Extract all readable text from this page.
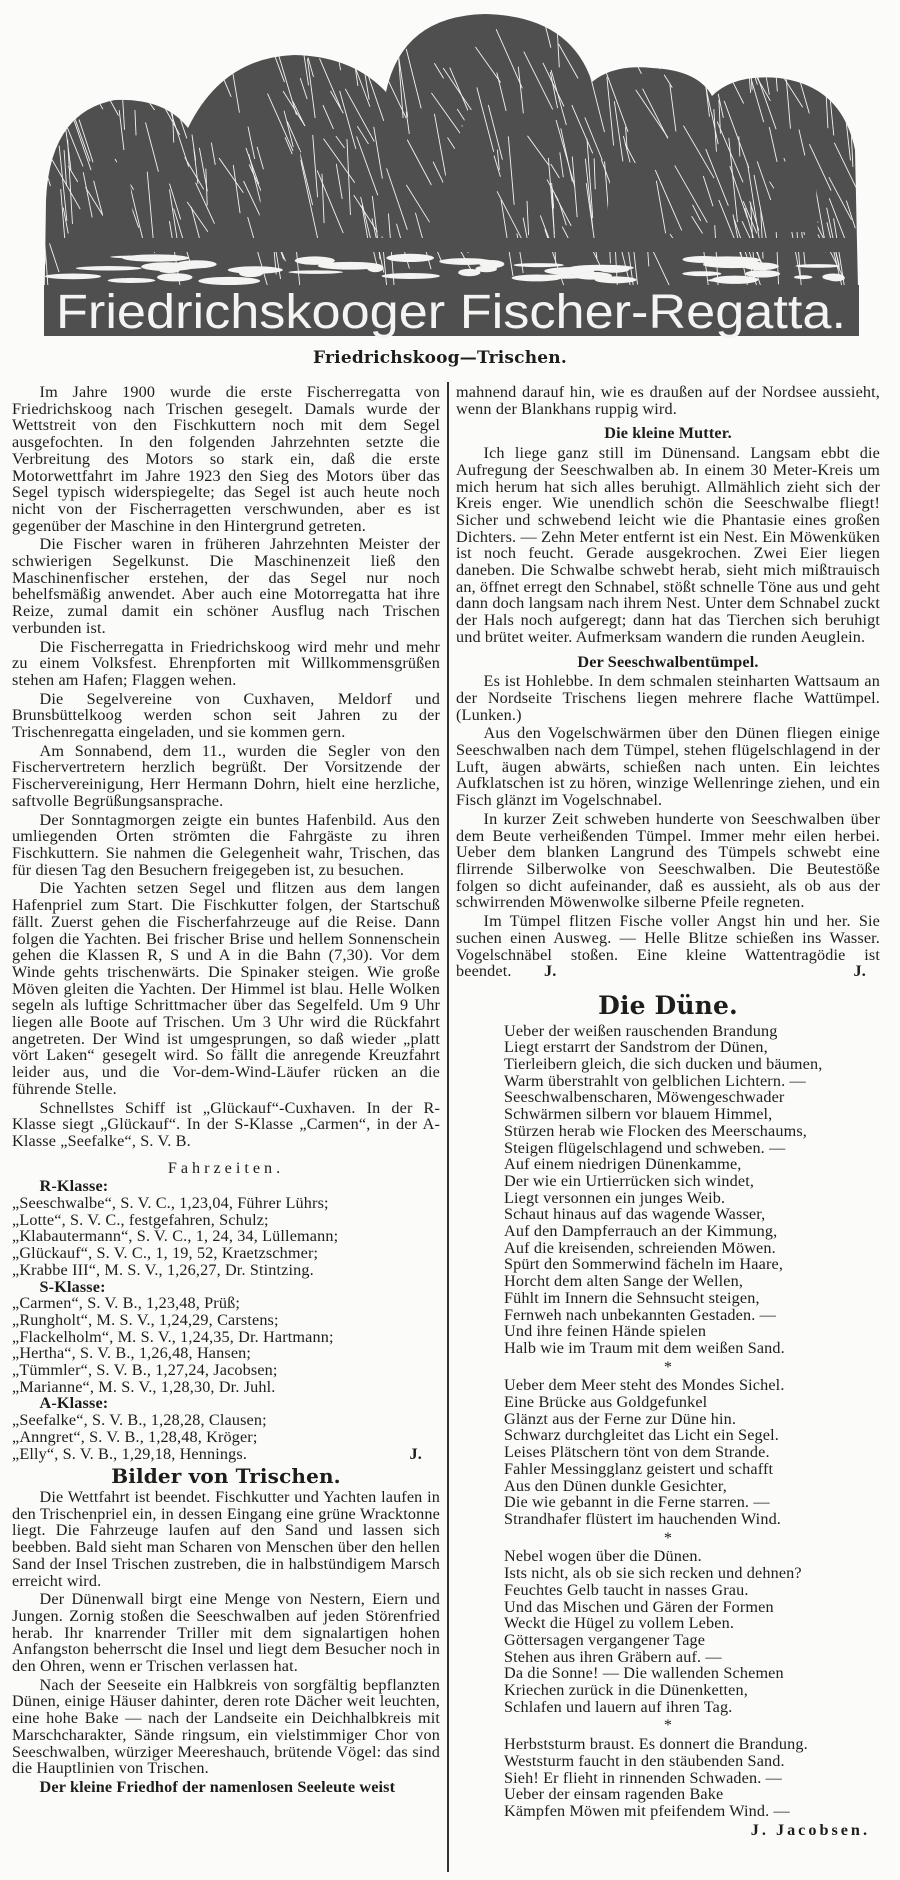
Friedrichskooger Fischer-Regatta.
Friedrichskoog—Trischen.

Im Jahre 1900 wurde die erste Fischerregatta von Friedrichskoog nach Trischen gesegelt. Damals wurde der Wettstreit von den Fischkuttern noch mit dem Segel ausgefochten. In den folgenden Jahrzehnten setzte die Verbreitung des Motors so stark ein, daß die erste Motorwettfahrt im Jahre 1923 den Sieg des Motors über das Segel typisch widerspiegelte; das Segel ist auch heute noch nicht von der Fischerragetten verschwunden, aber es ist gegenüber der Maschine in den Hintergrund getreten.

Die Fischer waren in früheren Jahrzehnten Meister der schwierigen Segelkunst. Die Maschinenzeit ließ den Maschinenfischer erstehen, der das Segel nur noch behelfsmäßig anwendet. Aber auch eine Motorregatta hat ihre Reize, zumal damit ein schöner Ausflug nach Trischen verbunden ist.

Die Fischerregatta in Friedrichskoog wird mehr und mehr zu einem Volksfest. Ehrenpforten mit Willkommensgrüßen stehen am Hafen; Flaggen wehen.

Die Segelvereine von Cuxhaven, Meldorf und Brunsbüttelkoog werden schon seit Jahren zu der Trischenregatta eingeladen, und sie kommen gern.

Am Sonnabend, dem 11., wurden die Segler von den Fischervertretern herzlich begrüßt. Der Vorsitzende der Fischervereinigung, Herr Hermann Dohrn, hielt eine herzliche, saftvolle Begrüßungsansprache.

Der Sonntagmorgen zeigte ein buntes Hafenbild. Aus den umliegenden Orten strömten die Fahrgäste zu ihren Fischkuttern. Sie nahmen die Gelegenheit wahr, Trischen, das für diesen Tag den Besuchern freigegeben ist, zu besuchen.

Die Yachten setzen Segel und flitzen aus dem langen Hafenpriel zum Start. Die Fischkutter folgen, der Startschuß fällt. Zuerst gehen die Fischerfahrzeuge auf die Reise. Dann folgen die Yachten. Bei frischer Brise und hellem Sonnenschein gehen die Klassen R, S und A in die Bahn (7,30). Vor dem Winde gehts trischenwärts. Die Spinaker steigen. Wie große Möven gleiten die Yachten. Der Himmel ist blau. Helle Wolken segeln als luftige Schrittmacher über das Segelfeld. Um 9 Uhr liegen alle Boote auf Trischen. Um 3 Uhr wird die Rückfahrt angetreten. Der Wind ist umgesprungen, so daß wieder „platt vört Laken“ gesegelt wird. So fällt die anregende Kreuzfahrt leider aus, und die Vor-dem-Wind-Läufer rücken an die führende Stelle.

Schnellstes Schiff ist „Glückauf“-Cuxhaven. In der R-Klasse siegt „Glückauf“. In der S-Klasse „Carmen“, in der A-Klasse „Seefalke“, S. V. B.

Fahrzeiten.
R-Klasse:
„Seeschwalbe“, S. V. C., 1,23,04, Führer Lührs;
„Lotte“, S. V. C., festgefahren, Schulz;
„Klabautermann“, S. V. C., 1, 24, 34, Lüllemann;
„Glückauf“, S. V. C., 1, 19, 52, Kraetzschmer;
„Krabbe III“, M. S. V., 1,26,27, Dr. Stintzing.
S-Klasse:
„Carmen“, S. V. B., 1,23,48, Prüß;
„Rungholt“, M. S. V., 1,24,29, Carstens;
„Flackelholm“, M. S. V., 1,24,35, Dr. Hartmann;
„Hertha“, S. V. B., 1,26,48, Hansen;
„Tümmler“, S. V. B., 1,27,24, Jacobsen;
„Marianne“, M. S. V., 1,28,30, Dr. Juhl.
A-Klasse:
„Seefalke“, S. V. B., 1,28,28, Clausen;
„Anngret“, S. V. B., 1,28,48, Kröger;
„Elly“, S. V. B., 1,29,18, Hennings.	J.
Bilder von Trischen.

Die Wettfahrt ist beendet. Fischkutter und Yachten laufen in den Trischenpriel ein, in dessen Eingang eine grüne Wracktonne liegt. Die Fahrzeuge laufen auf den Sand und lassen sich beebben. Bald sieht man Scharen von Menschen über den hellen Sand der Insel Trischen zustreben, die in halbstündigem Marsch erreicht wird.

Der Dünenwall birgt eine Menge von Nestern, Eiern und Jungen. Zornig stoßen die Seeschwalben auf jeden Störenfried herab. Ihr knarrender Triller mit dem signalartigen hohen Anfangston beherrscht die Insel und liegt dem Besucher noch in den Ohren, wenn er Trischen verlassen hat.

Nach der Seeseite ein Halbkreis von sorgfältig bepflanzten Dünen, einige Häuser dahinter, deren rote Dächer weit leuchten, eine hohe Bake — nach der Landseite ein Deichhalbkreis mit Marschcharakter, Sände ringsum, ein vielstimmiger Chor von Seeschwalben, würziger Meereshauch, brütende Vögel: das sind die Hauptlinien von Trischen.

Der kleine Friedhof der namenlosen Seeleute weist

mahnend darauf hin, wie es draußen auf der Nordsee aussieht, wenn der Blankhans ruppig wird.

Die kleine Mutter.

Ich liege ganz still im Dünensand. Langsam ebbt die Aufregung der Seeschwalben ab. In einem 30 Meter-Kreis um mich herum hat sich alles beruhigt. Allmählich zieht sich der Kreis enger. Wie unendlich schön die Seeschwalbe fliegt! Sicher und schwebend leicht wie die Phantasie eines großen Dichters. — Zehn Meter entfernt ist ein Nest. Ein Möwenküken ist noch feucht. Gerade ausgekrochen. Zwei Eier liegen daneben. Die Schwalbe schwebt herab, sieht mich mißtrauisch an, öffnet erregt den Schnabel, stößt schnelle Töne aus und geht dann doch langsam nach ihrem Nest. Unter dem Schnabel zuckt der Hals noch aufgeregt; dann hat das Tierchen sich beruhigt und brütet weiter. Aufmerksam wandern die runden Aeuglein.

Der Seeschwalbentümpel.

Es ist Hohlebbe. In dem schmalen steinharten Wattsaum an der Nordseite Trischens liegen mehrere flache Wattümpel. (Lunken.)

Aus den Vogelschwärmen über den Dünen fliegen einige Seeschwalben nach dem Tümpel, stehen flügelschlagend in der Luft, äugen abwärts, schießen nach unten. Ein leichtes Aufklatschen ist zu hören, winzige Wellenringe ziehen, und ein Fisch glänzt im Vogelschnabel.

In kurzer Zeit schweben hunderte von Seeschwalben über dem Beute verheißenden Tümpel. Immer mehr eilen herbei. Ueber dem blanken Langrund des Tümpels schwebt eine flirrende Silberwolke von Seeschwalben. Die Beutestöße folgen so dicht aufeinander, daß es aussieht, als ob aus der schwirrenden Möwenwolke silberne Pfeile regneten.

Im Tümpel flitzen Fische voller Angst hin und her. Sie suchen einen Ausweg. — Helle Blitze schießen ins Wasser. Vogelschnäbel stoßen. Eine kleine Wattentragödie ist beendet. J. J.

Die Düne.
Ueber der weißen rauschenden Brandung
Liegt erstarrt der Sandstrom der Dünen,
Tierleibern gleich, die sich ducken und bäumen,
Warm überstrahlt von gelblichen Lichtern. —
Seeschwalbenscharen, Möwengeschwader
Schwärmen silbern vor blauem Himmel,
Stürzen herab wie Flocken des Meerschaums,
Steigen flügelschlagend und schweben. —
Auf einem niedrigen Dünenkamme,
Der wie ein Urtierrücken sich windet,
Liegt versonnen ein junges Weib.
Schaut hinaus auf das wagende Wasser,
Auf den Dampferrauch an der Kimmung,
Auf die kreisenden, schreienden Möwen.
Spürt den Sommerwind fächeln im Haare,
Horcht dem alten Sange der Wellen,
Fühlt im Innern die Sehnsucht steigen,
Fernweh nach unbekannten Gestaden. —
Und ihre feinen Hände spielen
Halb wie im Traum mit dem weißen Sand.
*
Ueber dem Meer steht des Mondes Sichel.
Eine Brücke aus Goldgefunkel
Glänzt aus der Ferne zur Düne hin.
Schwarz durchgleitet das Licht ein Segel.
Leises Plätschern tönt von dem Strande.
Fahler Messingglanz geistert und schafft
Aus den Dünen dunkle Gesichter,
Die wie gebannt in die Ferne starren. —
Strandhafer flüstert im hauchenden Wind.
*
Nebel wogen über die Dünen.
Ists nicht, als ob sie sich recken und dehnen?
Feuchtes Gelb taucht in nasses Grau.
Und das Mischen und Gären der Formen
Weckt die Hügel zu vollem Leben.
Göttersagen vergangener Tage
Stehen aus ihren Gräbern auf. —
Da die Sonne! — Die wallenden Schemen
Kriechen zurück in die Dünenketten,
Schlafen und lauern auf ihren Tag.
*
Herbststurm braust. Es donnert die Brandung.
Weststurm faucht in den stäubenden Sand.
Sieh! Er flieht in rinnenden Schwaden. —
Ueber der einsam ragenden Bake
Kämpfen Möwen mit pfeifendem Wind. —
J. Jacobsen.
